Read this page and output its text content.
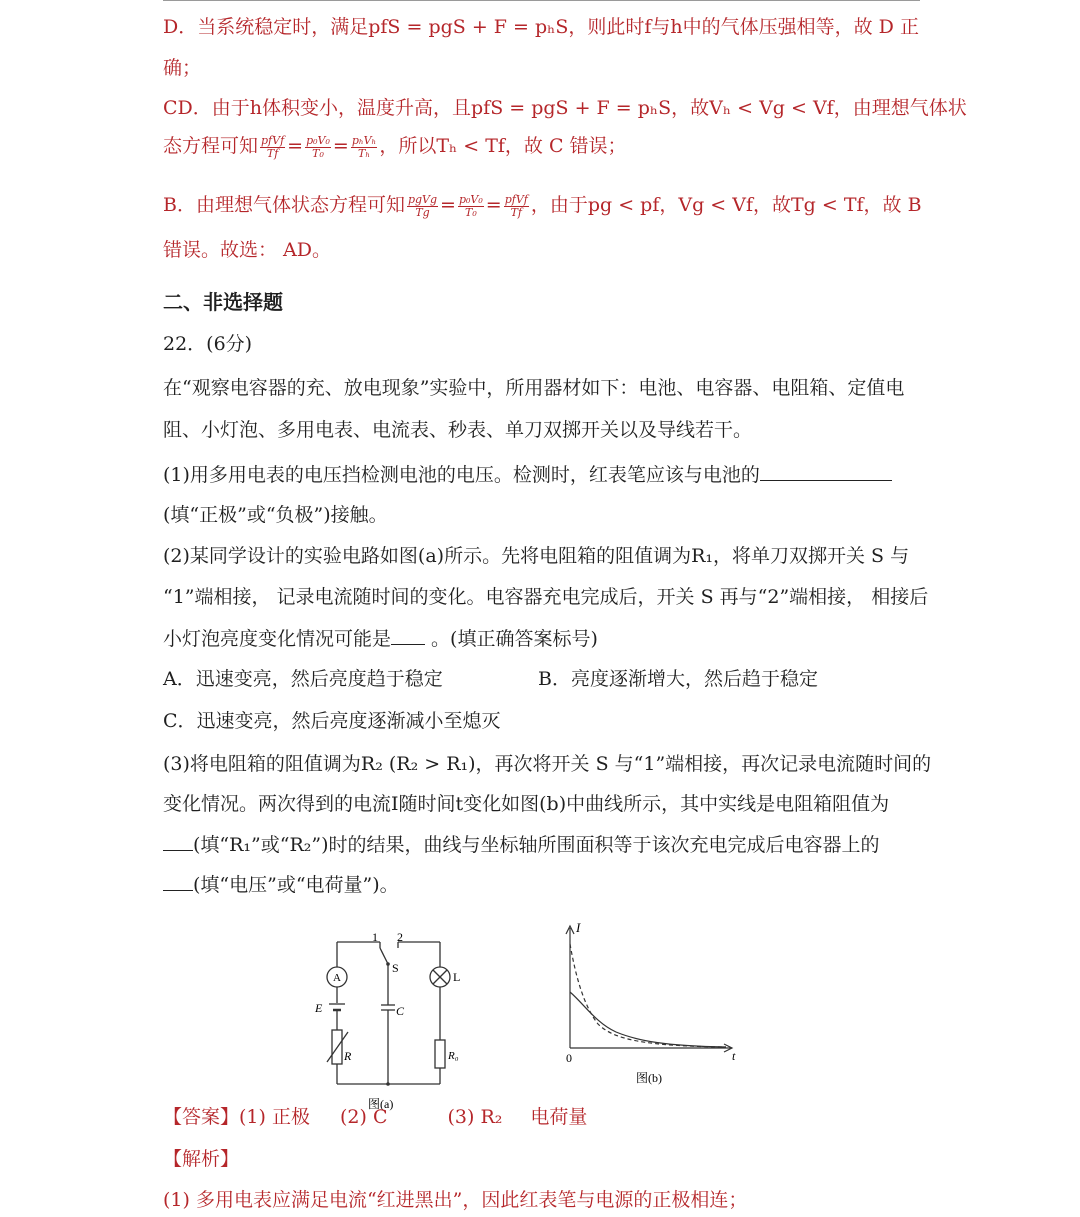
D．当系统稳定时，满足pfS = pgS + F = pₕS，则此时f与h中的气体压强相等，故 D 正
确；
CD．由于h体积变小，温度升高，且pfS = pgS + F = pₕS，故Vₕ < Vg < Vf，由理想气体状
态方程可知 $\frac{\text{pfVf}}{Tf} = \frac{\text{p₀V₀}}{\text{T₀}} = \frac{\text{pₕVₕ}}{\text{Tₕ}}$ ，所以Tₕ < Tf，故 C 错误；
B．由理想气体状态方程可知 $\frac{\text{pgVg}}{Tg} = \frac{\text{p₀V₀}}{\text{T₀}} = \frac{\text{pfVf}}{Tf}$ ，由于pg < pf，Vg < Vf，故Tg < Tf，故 B
错误。故选： AD。
二、非选择题
22．(6分)
在“观察电容器的充、放电现象”实验中，所用器材如下：电池、电容器、电阻箱、定值电
阻、小灯泡、多用电表、电流表、秒表、单刀双掷开关以及导线若干。
(1)用多用电表的电压挡检测电池的电压。检测时，红表笔应该与电池的
(填“正极”或“负极”)接触。
(2)某同学设计的实验电路如图(a)所示。先将电阻箱的阻值调为R₁，将单刀双掷开关 S 与
“1”端相接， 记录电流随时间的变化。电容器充电完成后，开关 S 再与“2”端相接， 相接后
小灯泡亮度变化情况可能是 。(填正确答案标号)
A．迅速变亮，然后亮度趋于稳定	B．亮度逐渐增大，然后趋于稳定
C．迅速变亮，然后亮度逐渐减小至熄灭
(3)将电阻箱的阻值调为R₂ (R₂ > R₁)，再次将开关 S 与“1”端相接，再次记录电流随时间的
变化情况。两次得到的电流I随时间t变化如图(b)中曲线所示，其中实线是电阻箱阻值为
(填“R₁”或“R₂”)时的结果，曲线与坐标轴所围面积等于该次充电完成后电容器上的
(填“电压”或“电荷量”)。
1 2
S
A	L
E	C
R	R₀
图(a)
I
t
0
图(b)
【答案】(1) 正极 (2) C	(3) R₂ 电荷量
【解析】
(1) 多用电表应满足电流“红进黑出”，因此红表笔与电源的正极相连；
